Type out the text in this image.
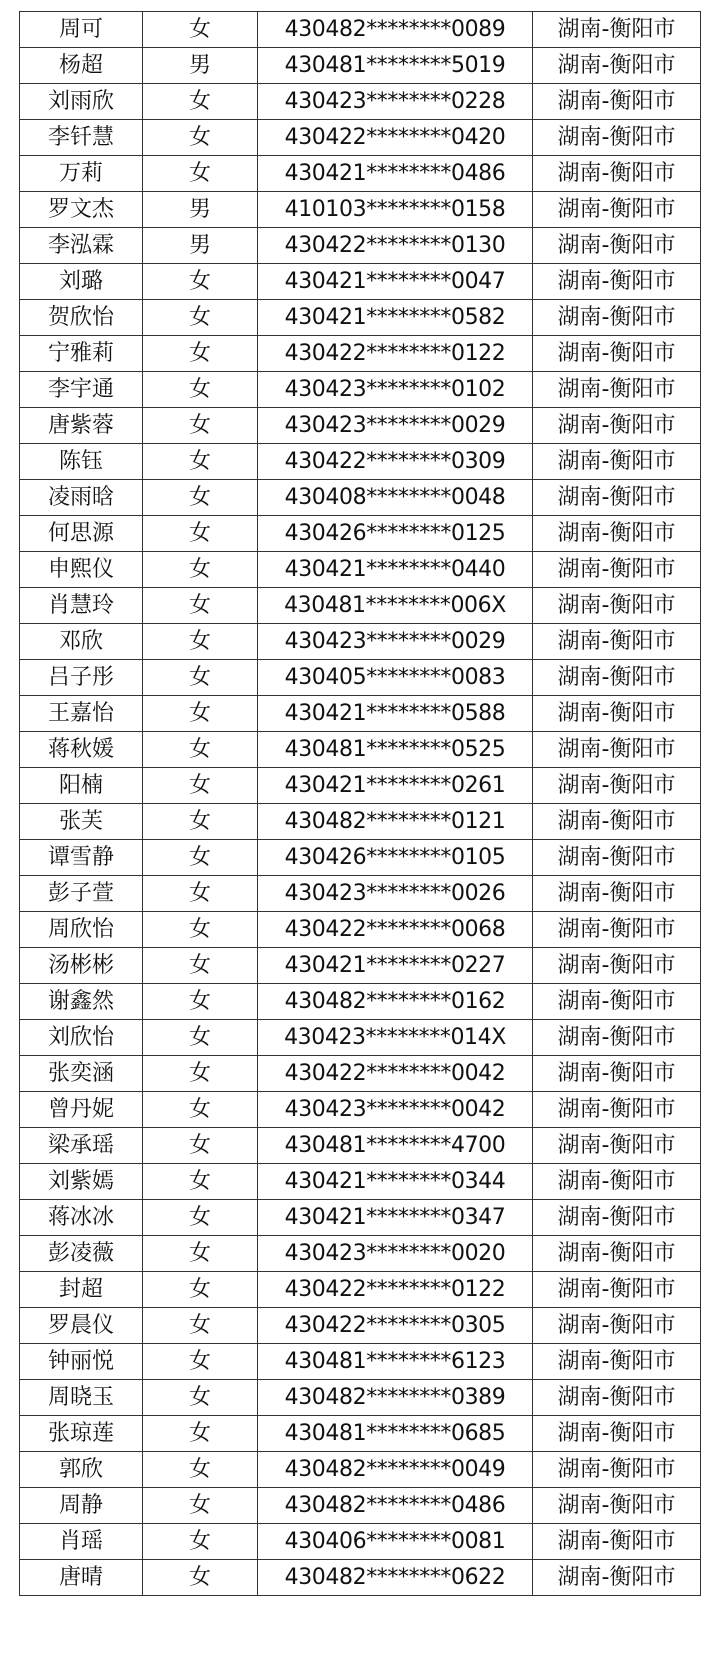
周可	女	430482********0089	湖南-衡阳市
杨超	男	430481********5019	湖南-衡阳市
刘雨欣	女	430423********0228	湖南-衡阳市
李钎慧	女	430422********0420	湖南-衡阳市
万莉	女	430421********0486	湖南-衡阳市
罗文杰	男	410103********0158	湖南-衡阳市
李泓霖	男	430422********0130	湖南-衡阳市
刘璐	女	430421********0047	湖南-衡阳市
贺欣怡	女	430421********0582	湖南-衡阳市
宁雅莉	女	430422********0122	湖南-衡阳市
李宇通	女	430423********0102	湖南-衡阳市
唐紫蓉	女	430423********0029	湖南-衡阳市
陈钰	女	430422********0309	湖南-衡阳市
凌雨晗	女	430408********0048	湖南-衡阳市
何思源	女	430426********0125	湖南-衡阳市
申熙仪	女	430421********0440	湖南-衡阳市
肖慧玲	女	430481********006X	湖南-衡阳市
邓欣	女	430423********0029	湖南-衡阳市
吕子彤	女	430405********0083	湖南-衡阳市
王嘉怡	女	430421********0588	湖南-衡阳市
蒋秋媛	女	430481********0525	湖南-衡阳市
阳楠	女	430421********0261	湖南-衡阳市
张芙	女	430482********0121	湖南-衡阳市
谭雪静	女	430426********0105	湖南-衡阳市
彭子萱	女	430423********0026	湖南-衡阳市
周欣怡	女	430422********0068	湖南-衡阳市
汤彬彬	女	430421********0227	湖南-衡阳市
谢鑫然	女	430482********0162	湖南-衡阳市
刘欣怡	女	430423********014X	湖南-衡阳市
张奕涵	女	430422********0042	湖南-衡阳市
曾丹妮	女	430423********0042	湖南-衡阳市
梁承瑶	女	430481********4700	湖南-衡阳市
刘紫嫣	女	430421********0344	湖南-衡阳市
蒋冰冰	女	430421********0347	湖南-衡阳市
彭凌薇	女	430423********0020	湖南-衡阳市
封超	女	430422********0122	湖南-衡阳市
罗晨仪	女	430422********0305	湖南-衡阳市
钟丽悦	女	430481********6123	湖南-衡阳市
周晓玉	女	430482********0389	湖南-衡阳市
张琼莲	女	430481********0685	湖南-衡阳市
郭欣	女	430482********0049	湖南-衡阳市
周静	女	430482********0486	湖南-衡阳市
肖瑶	女	430406********0081	湖南-衡阳市
唐晴	女	430482********0622	湖南-衡阳市
